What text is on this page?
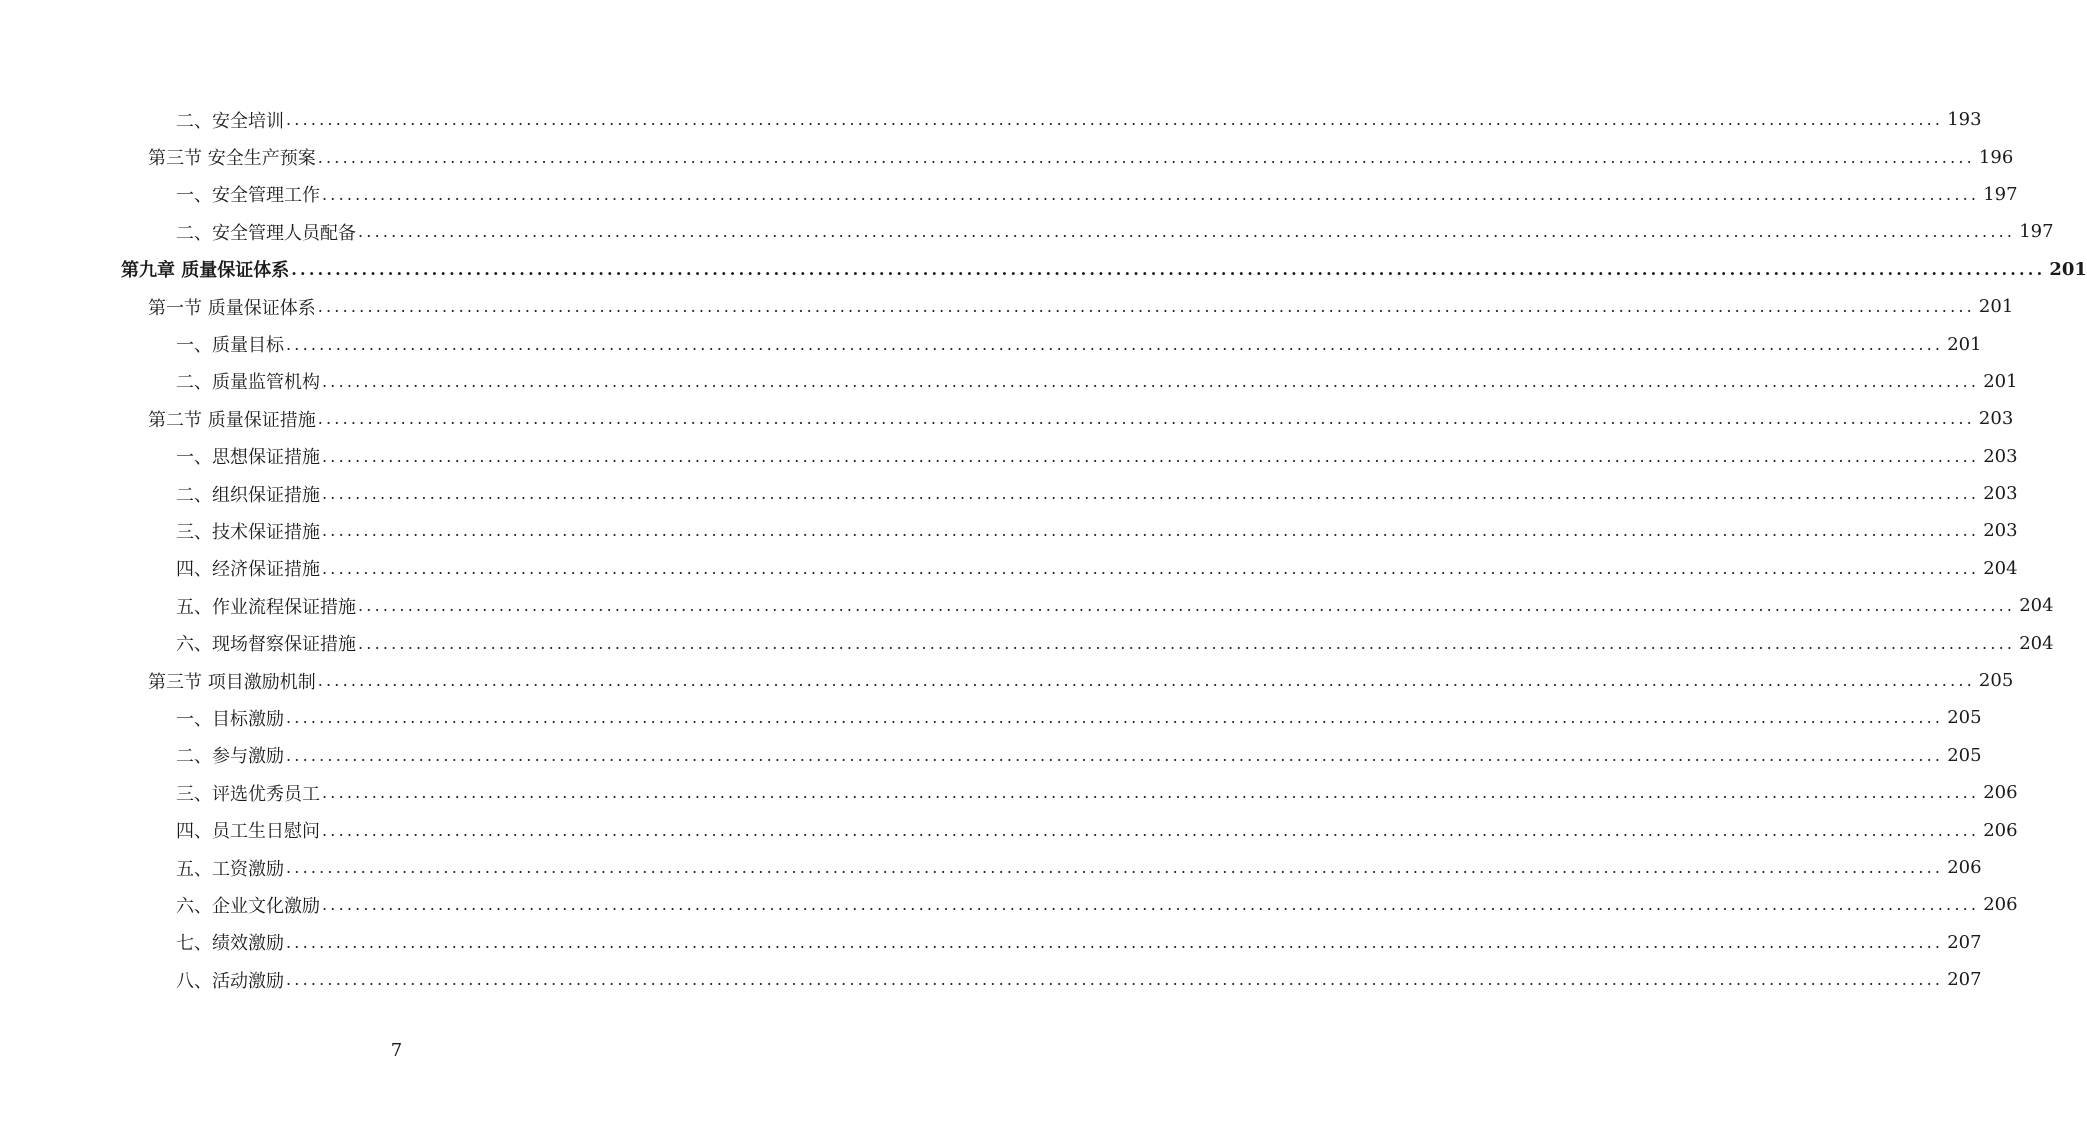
二、安全培训 ........................................................................................................................................................................................................ 193
第三节 安全生产预案 ........................................................................................................................................................................................................ 196
一、安全管理工作 ........................................................................................................................................................................................................ 197
二、安全管理人员配备 ........................................................................................................................................................................................................ 197
第九章 质量保证体系 ........................................................................................................................................................................................................ 201
第一节 质量保证体系 ........................................................................................................................................................................................................ 201
一、质量目标 ........................................................................................................................................................................................................ 201
二、质量监管机构 ........................................................................................................................................................................................................ 201
第二节 质量保证措施 ........................................................................................................................................................................................................ 203
一、思想保证措施 ........................................................................................................................................................................................................ 203
二、组织保证措施 ........................................................................................................................................................................................................ 203
三、技术保证措施 ........................................................................................................................................................................................................ 203
四、经济保证措施 ........................................................................................................................................................................................................ 204
五、作业流程保证措施 ........................................................................................................................................................................................................ 204
六、现场督察保证措施 ........................................................................................................................................................................................................ 204
第三节 项目激励机制 ........................................................................................................................................................................................................ 205
一、目标激励 ........................................................................................................................................................................................................ 205
二、参与激励 ........................................................................................................................................................................................................ 205
三、评选优秀员工 ........................................................................................................................................................................................................ 206
四、员工生日慰问 ........................................................................................................................................................................................................ 206
五、工资激励 ........................................................................................................................................................................................................ 206
六、企业文化激励 ........................................................................................................................................................................................................ 206
七、绩效激励 ........................................................................................................................................................................................................ 207
八、活动激励 ........................................................................................................................................................................................................ 207
7
